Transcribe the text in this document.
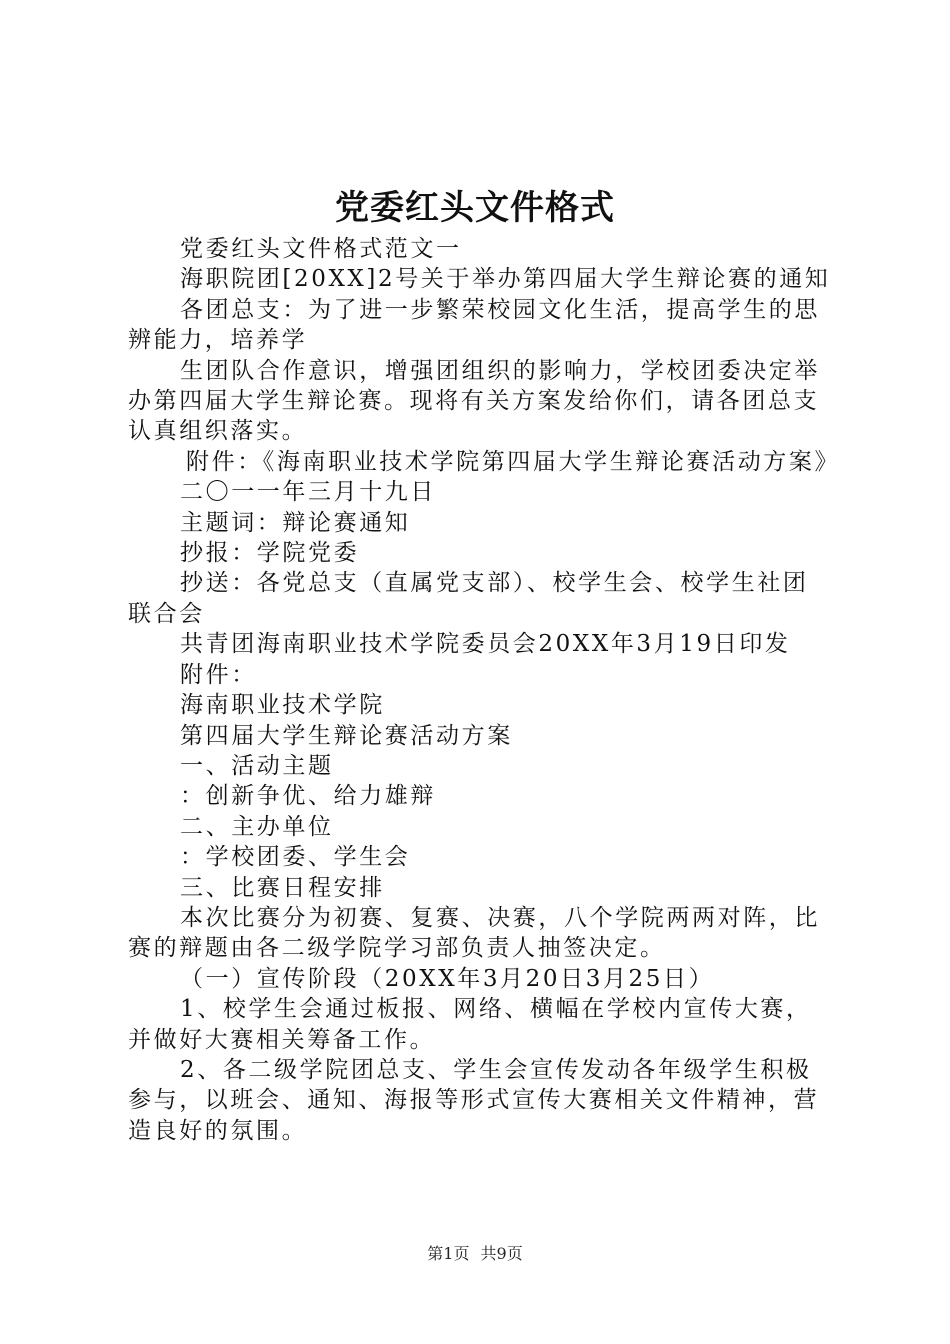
党委红头文件格式

党委红头文件格式范文一

海职院团[20XX]2号关于举办第四届大学生辩论赛的通知

各团总支：为了进一步繁荣校园文化生活，提高学生的思辨能力，培养学

生团队合作意识，增强团组织的影响力，学校团委决定举办第四届大学生辩论赛。现将有关方案发给你们，请各团总支认真组织落实。

附件：《海南职业技术学院第四届大学生辩论赛活动方案》

二〇一一年三月十九日

主题词：辩论赛通知

抄报：学院党委

抄送：各党总支（直属党支部）、校学生会、校学生社团联合会

共青团海南职业技术学院委员会20XX年3月19日印发

附件：

海南职业技术学院

第四届大学生辩论赛活动方案

一、活动主题

：创新争优、给力雄辩

二、主办单位

：学校团委、学生会

三、比赛日程安排

本次比赛分为初赛、复赛、决赛，八个学院两两对阵，比赛的辩题由各二级学院学习部负责人抽签决定。

（一）宣传阶段（20XX年3月20日3月25日）

1、校学生会通过板报、网络、横幅在学校内宣传大赛，并做好大赛相关筹备工作。

2、各二级学院团总支、学生会宣传发动各年级学生积极参与，以班会、通知、海报等形式宣传大赛相关文件精神，营造良好的氛围。

第1页 共9页
